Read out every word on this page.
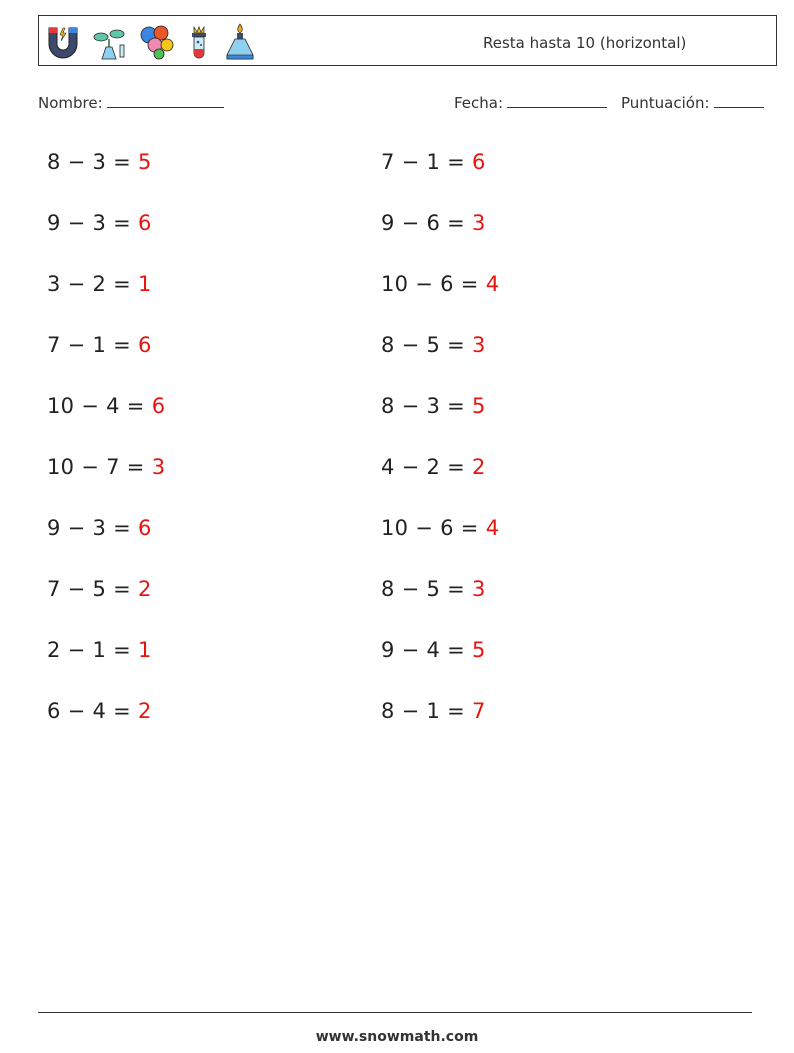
Resta hasta 10 (horizontal)
Nombre:	Fecha:	Puntuación:
8 − 3 = 5	7 − 1 = 6
9 − 3 = 6	9 − 6 = 3
3 − 2 = 1	10 − 6 = 4
7 − 1 = 6	8 − 5 = 3
10 − 4 = 6	8 − 3 = 5
10 − 7 = 3	4 − 2 = 2
9 − 3 = 6	10 − 6 = 4
7 − 5 = 2	8 − 5 = 3
2 − 1 = 1	9 − 4 = 5
6 − 4 = 2	8 − 1 = 7
www.snowmath.com
